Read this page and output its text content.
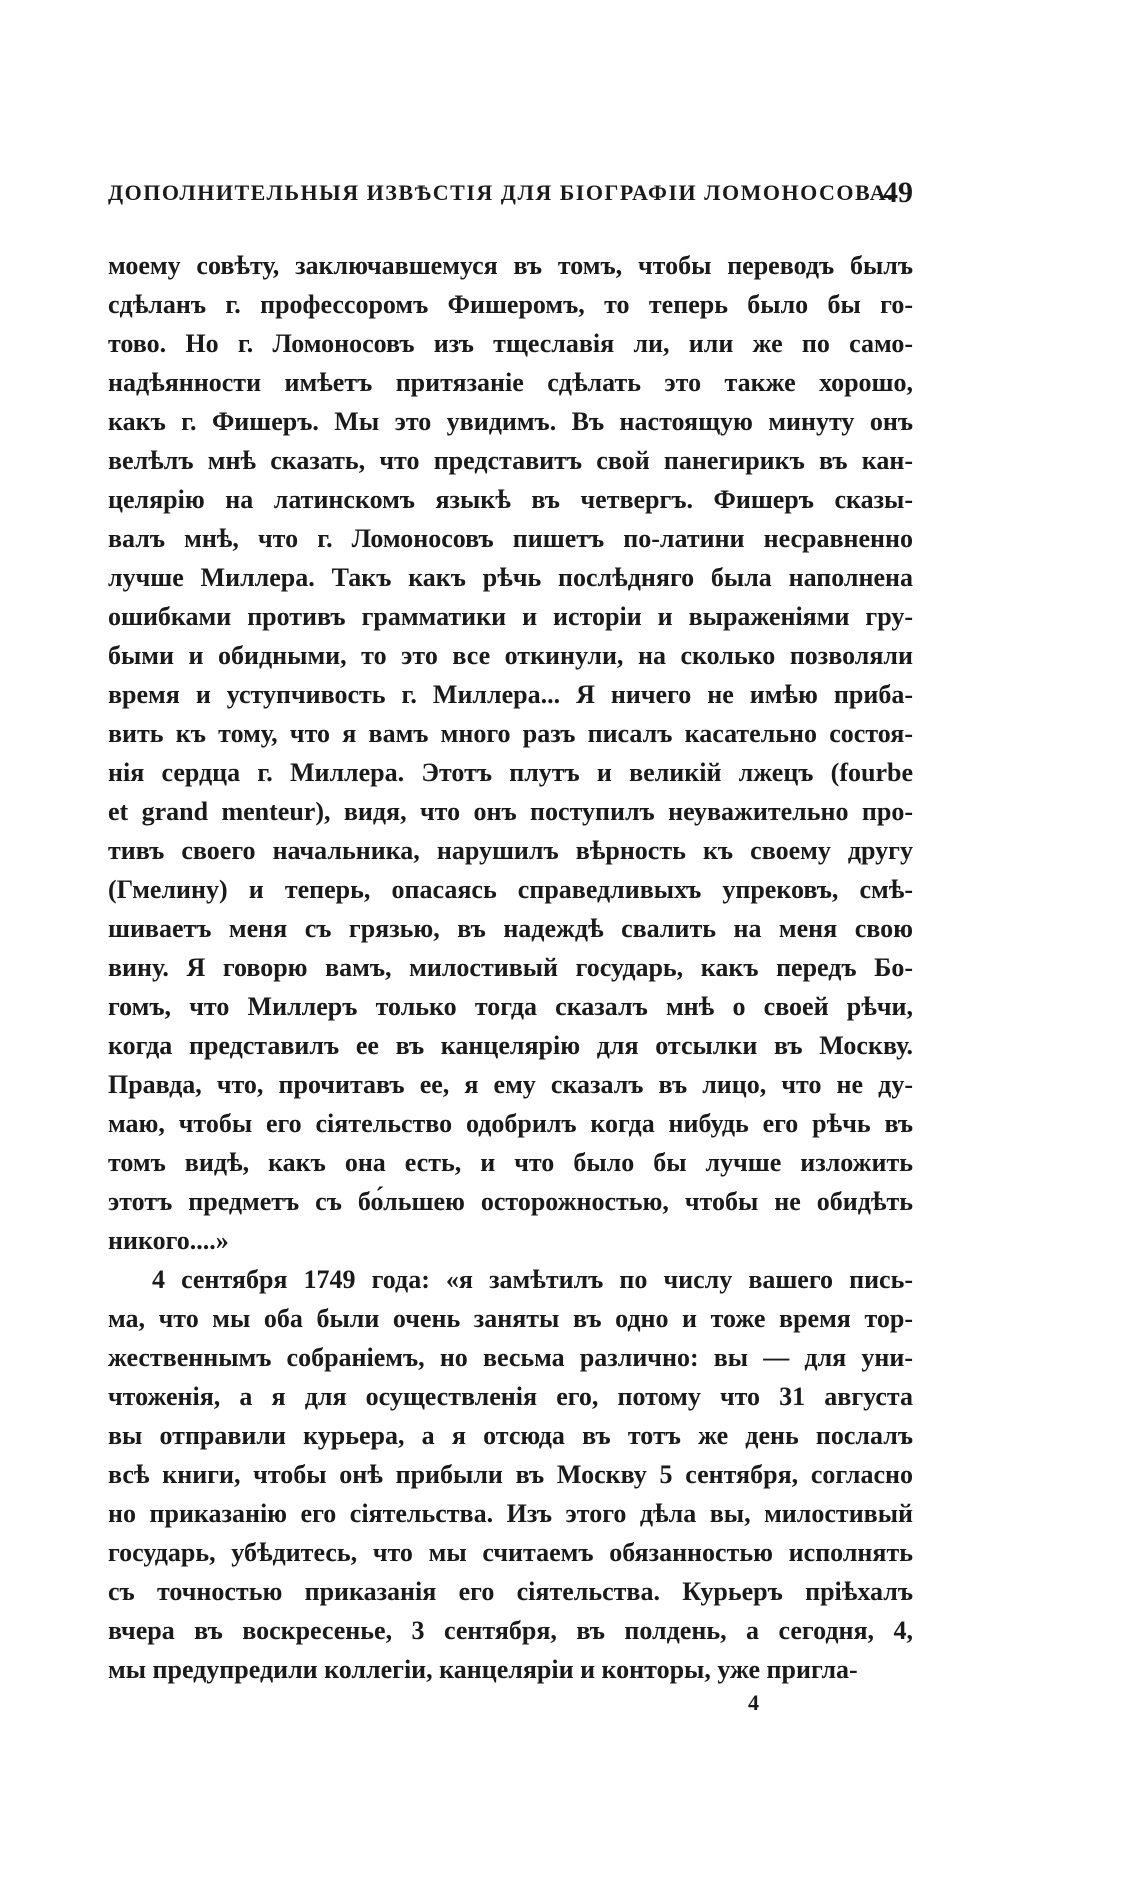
ДОПОЛНИТЕЛЬНЫЯ ИЗВѢСТІЯ ДЛЯ БІОГРАФІИ ЛОМОНОСОВА.
49
моему совѣту, заключавшемуся въ томъ, чтобы переводъ былъ
сдѣланъ г. профессоромъ Фишеромъ, то теперь было бы го-
тово. Но г. Ломоносовъ изъ тщеславія ли, или же по само-
надѣянности имѣетъ притязаніе сдѣлать это также хорошо,
какъ г. Фишеръ. Мы это увидимъ. Въ настоящую минуту онъ
велѣлъ мнѣ сказать, что представитъ свой панегирикъ въ кан-
целярію на латинскомъ языкѣ въ четвергъ. Фишеръ сказы-
валъ мнѣ, что г. Ломоносовъ пишетъ по-латини несравненно
лучше Миллера. Такъ какъ рѣчь послѣдняго была наполнена
ошибками противъ грамматики и исторіи и выраженіями гру-
быми и обидными, то это все откинули, на сколько позволяли
время и уступчивость г. Миллера... Я ничего не имѣю приба-
вить къ тому, что я вамъ много разъ писалъ касательно состоя-
нія сердца г. Миллера. Этотъ плутъ и великій лжецъ (fourbe
et grand menteur), видя, что онъ поступилъ неуважительно про-
тивъ своего начальника, нарушилъ вѣрность къ своему другу
(Гмелину) и теперь, опасаясь справедливыхъ упрековъ, смѣ-
шиваетъ меня съ грязью, въ надеждѣ свалить на меня свою
вину. Я говорю вамъ, милостивый государь, какъ передъ Бо-
гомъ, что Миллеръ только тогда сказалъ мнѣ о своей рѣчи,
когда представилъ ее въ канцелярію для отсылки въ Москву.
Правда, что, прочитавъ ее, я ему сказалъ въ лицо, что не ду-
маю, чтобы его сіятельство одобрилъ когда нибудь его рѣчь въ
томъ видѣ, какъ она есть, и что было бы лучше изложить
этотъ предметъ съ бо́льшею осторожностью, чтобы не обидѣть
никого....»
4 сентября 1749 года: «я замѣтилъ по числу вашего пись-
ма, что мы оба были очень заняты въ одно и тоже время тор-
жественнымъ собраніемъ, но весьма различно: вы — для уни-
чтоженія, а я для осуществленія его, потому что 31 августа
вы отправили курьера, а я отсюда въ тотъ же день послалъ
всѣ книги, чтобы онѣ прибыли въ Москву 5 сентября, согласно
но приказанію его сіятельства. Изъ этого дѣла вы, милостивый
государь, убѣдитесь, что мы считаемъ обязанностью исполнять
съ точностью приказанія его сіятельства. Курьеръ пріѣхалъ
вчера въ воскресенье, 3 сентября, въ полдень, а сегодня, 4,
мы предупредили коллегіи, канцеляріи и конторы, уже пригла-
4
